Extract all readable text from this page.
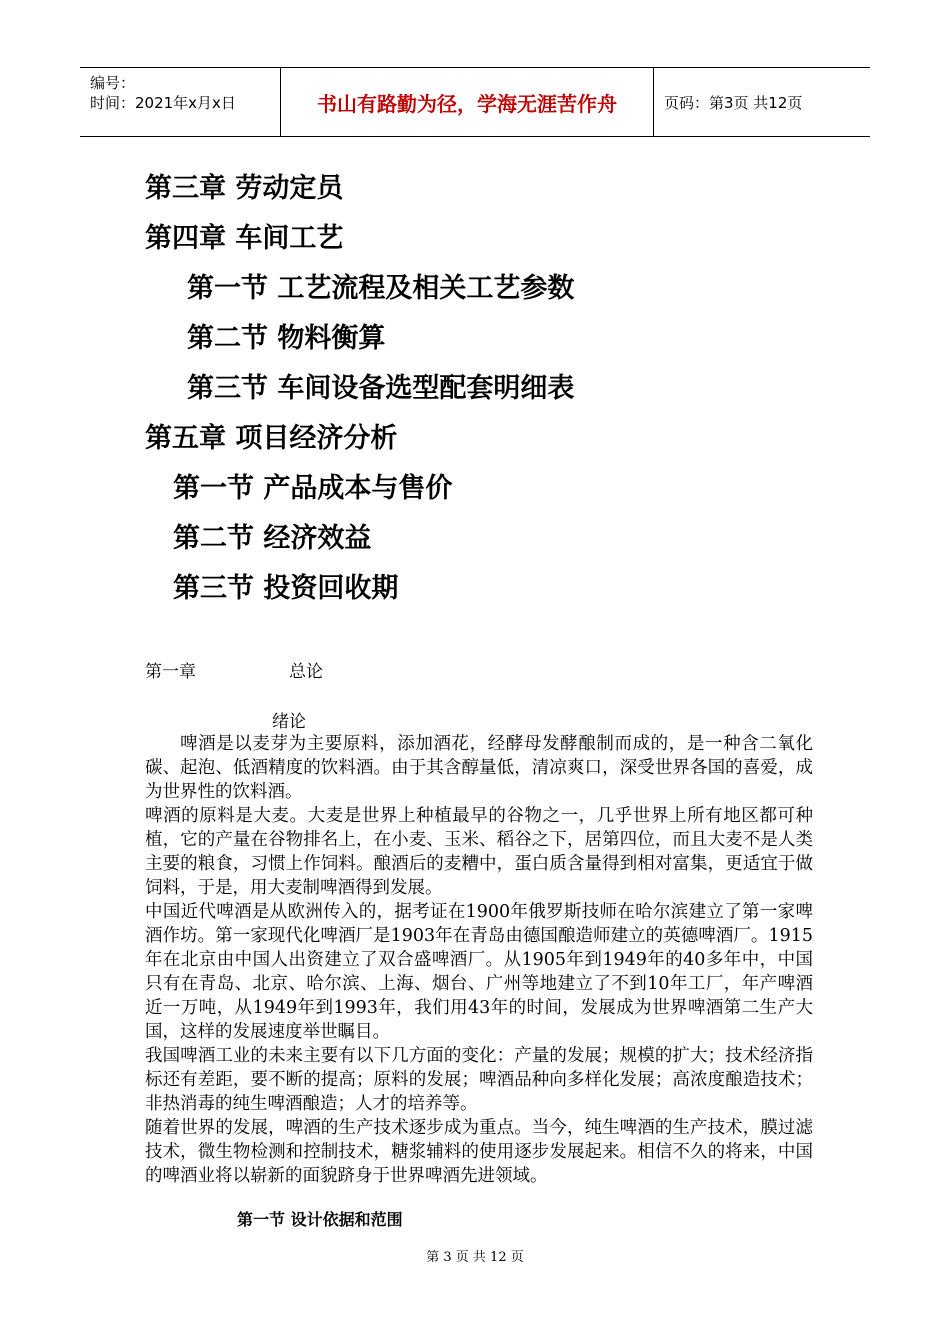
编号：
时间：2021年x月x日	书山有路勤为径，学海无涯苦作舟	页码：第3页 共12页
第三章 劳动定员
第四章 车间工艺
第一节 工艺流程及相关工艺参数
第二节 物料衡算
第三节 车间设备选型配套明细表
第五章 项目经济分析
第一节 产品成本与售价
第二节 经济效益
第三节 投资回收期
第一章	总论
绪论

啤酒是以麦芽为主要原料，添加酒花，经酵母发酵酿制而成的，是一种含二氧化碳、起泡、低酒精度的饮料酒。由于其含醇量低，清凉爽口，深受世界各国的喜爱，成为世界性的饮料酒。

啤酒的原料是大麦。大麦是世界上种植最早的谷物之一，几乎世界上所有地区都可种植，它的产量在谷物排名上，在小麦、玉米、稻谷之下，居第四位，而且大麦不是人类主要的粮食，习惯上作饲料。酿酒后的麦糟中，蛋白质含量得到相对富集，更适宜于做饲料，于是，用大麦制啤酒得到发展。

中国近代啤酒是从欧洲传入的，据考证在1900年俄罗斯技师在哈尔滨建立了第一家啤酒作坊。第一家现代化啤酒厂是1903年在青岛由德国酿造师建立的英德啤酒厂。1915年在北京由中国人出资建立了双合盛啤酒厂。从1905年到1949年的40多年中，中国只有在青岛、北京、哈尔滨、上海、烟台、广州等地建立了不到10年工厂，年产啤酒近一万吨，从1949年到1993年，我们用43年的时间，发展成为世界啤酒第二生产大国，这样的发展速度举世瞩目。

我国啤酒工业的未来主要有以下几方面的变化：产量的发展；规模的扩大；技术经济指标还有差距，要不断的提高；原料的发展；啤酒品种向多样化发展；高浓度酿造技术；非热消毒的纯生啤酒酿造；人才的培养等。

随着世界的发展，啤酒的生产技术逐步成为重点。当今，纯生啤酒的生产技术，膜过滤技术，微生物检测和控制技术，糖浆辅料的使用逐步发展起来。相信不久的将来，中国的啤酒业将以崭新的面貌跻身于世界啤酒先进领域。

第一节 设计依据和范围
第 3 页 共 12 页
